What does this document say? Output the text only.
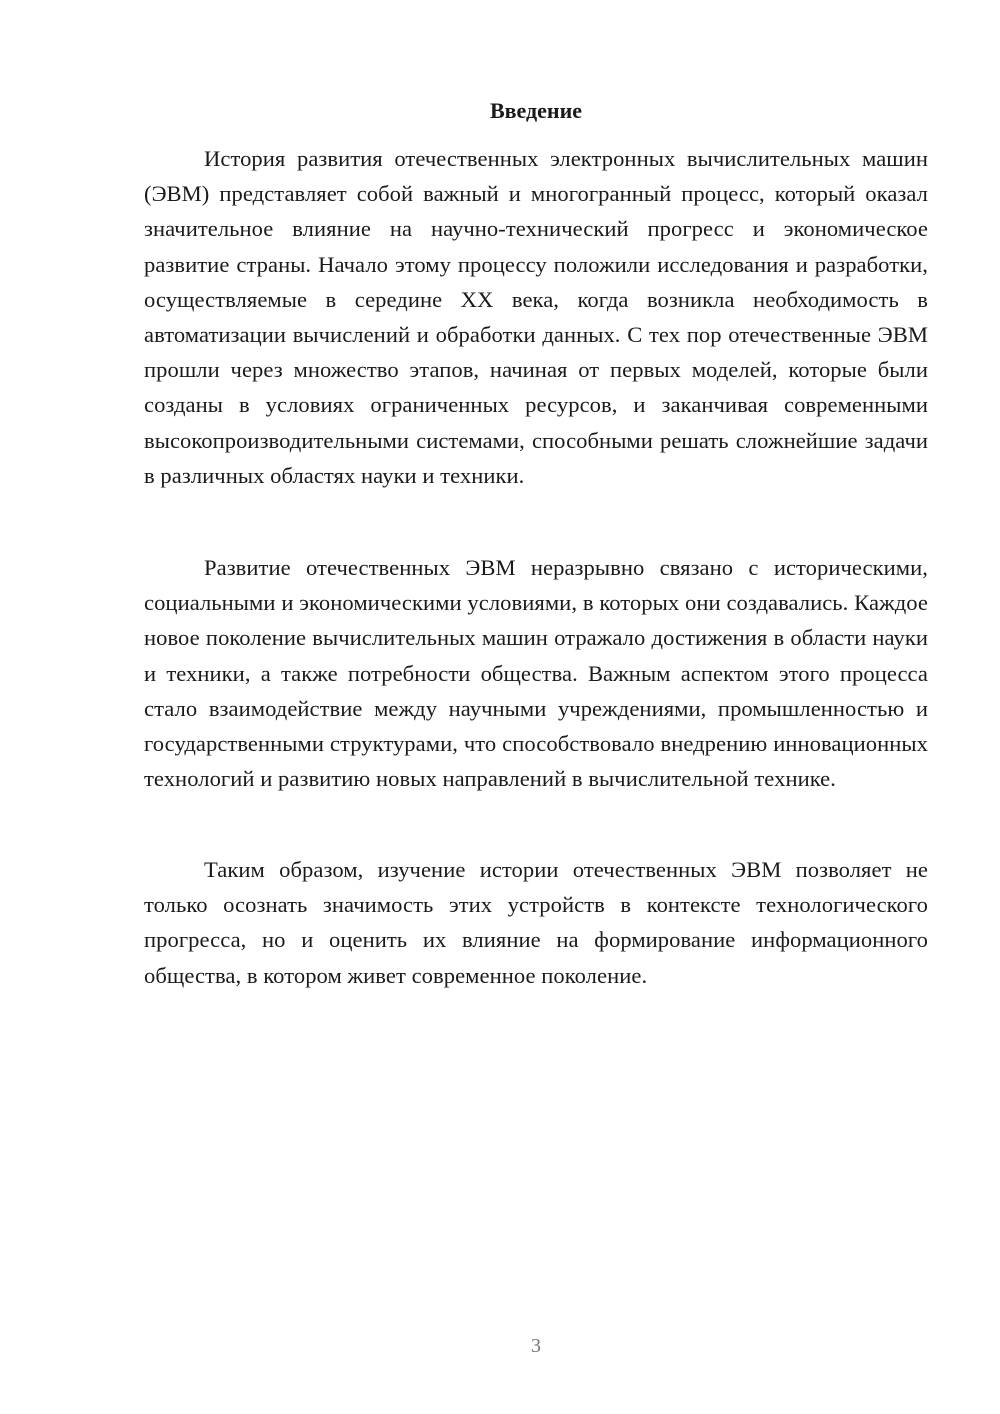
Введение

История развития отечественных электронных вычислительных машин (ЭВМ) представляет собой важный и многогранный процесс, который оказал значительное влияние на научно-технический прогресс и экономическое развитие страны. Начало этому процессу положили исследования и разработки, осуществляемые в середине XX века, когда возникла необходимость в автоматизации вычислений и обработки данных. С тех пор отечественные ЭВМ прошли через множество этапов, начиная от первых моделей, которые были созданы в условиях ограниченных ресурсов, и заканчивая современными высокопроизводительными системами, способными решать сложнейшие задачи в различных областях науки и техники.

Развитие отечественных ЭВМ неразрывно связано с историческими, социальными и экономическими условиями, в которых они создавались. Каждое новое поколение вычислительных машин отражало достижения в области науки и техники, а также потребности общества. Важным аспектом этого процесса стало взаимодействие между научными учреждениями, промышленностью и государственными структурами, что способствовало внедрению инновационных технологий и развитию новых направлений в вычислительной технике.

Таким образом, изучение истории отечественных ЭВМ позволяет не только осознать значимость этих устройств в контексте технологического прогресса, но и оценить их влияние на формирование информационного общества, в котором живет современное поколение.

3
